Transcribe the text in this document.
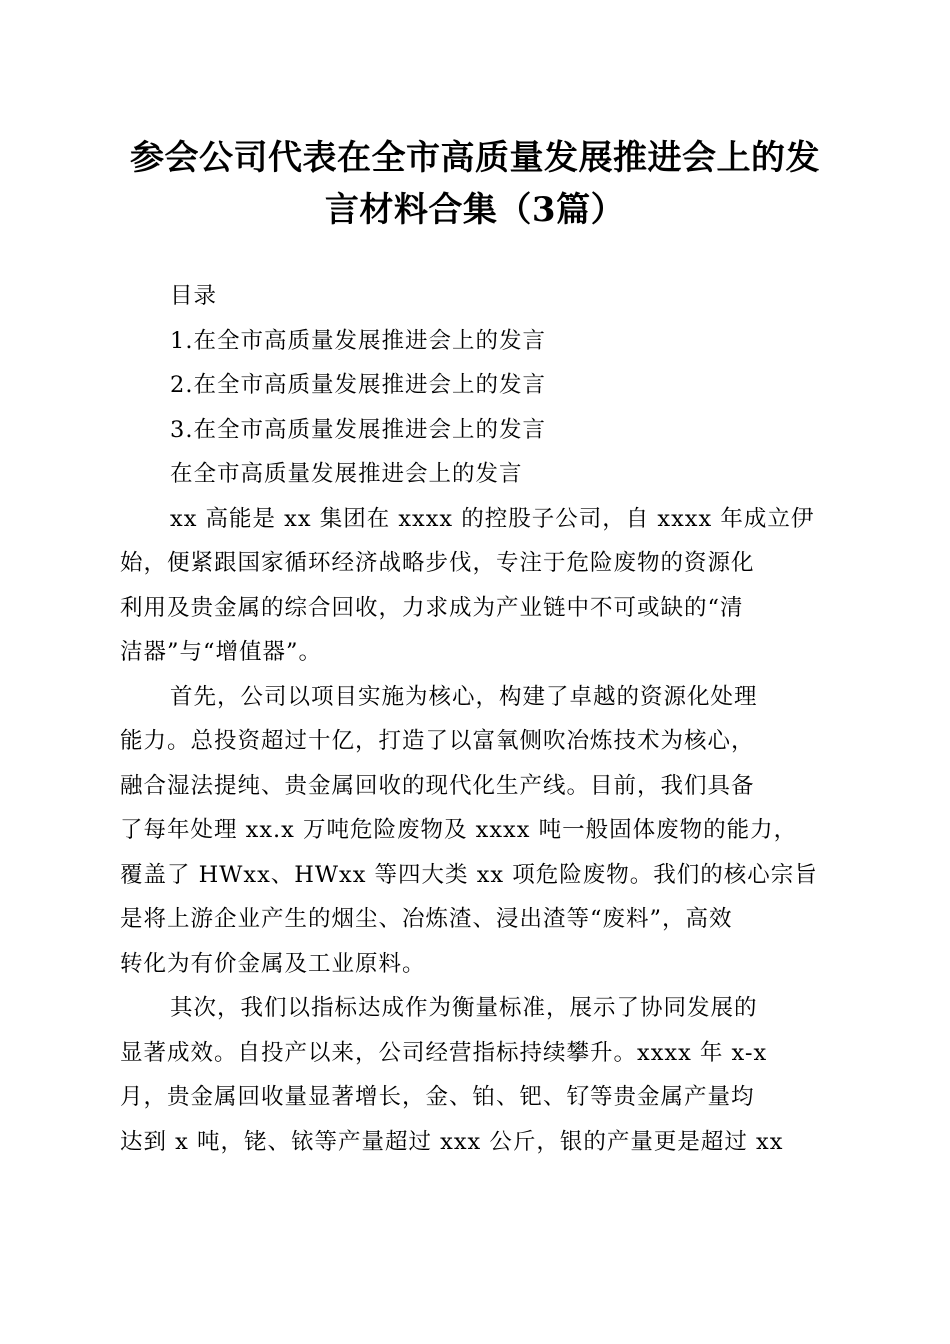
参会公司代表在全市高质量发展推进会上的发
言材料合集（3篇）

目录

1.在全市高质量发展推进会上的发言

2.在全市高质量发展推进会上的发言

3.在全市高质量发展推进会上的发言

在全市高质量发展推进会上的发言

xx 高能是 xx 集团在 xxxx 的控股子公司，自 xxxx 年成立伊

始，便紧跟国家循环经济战略步伐，专注于危险废物的资源化

利用及贵金属的综合回收，力求成为产业链中不可或缺的“清

洁器”与“增值器”。

首先，公司以项目实施为核心，构建了卓越的资源化处理

能力。总投资超过十亿，打造了以富氧侧吹冶炼技术为核心，

融合湿法提纯、贵金属回收的现代化生产线。目前，我们具备

了每年处理 xx.x 万吨危险废物及 xxxx 吨一般固体废物的能力，

覆盖了 HWxx、HWxx 等四大类 xx 项危险废物。我们的核心宗旨

是将上游企业产生的烟尘、冶炼渣、浸出渣等“废料”，高效

转化为有价金属及工业原料。

其次，我们以指标达成作为衡量标准，展示了协同发展的

显著成效。自投产以来，公司经营指标持续攀升。xxxx 年 x-x

月，贵金属回收量显著增长，金、铂、钯、钌等贵金属产量均

达到 x 吨，铑、铱等产量超过 xxx 公斤，银的产量更是超过 xx
